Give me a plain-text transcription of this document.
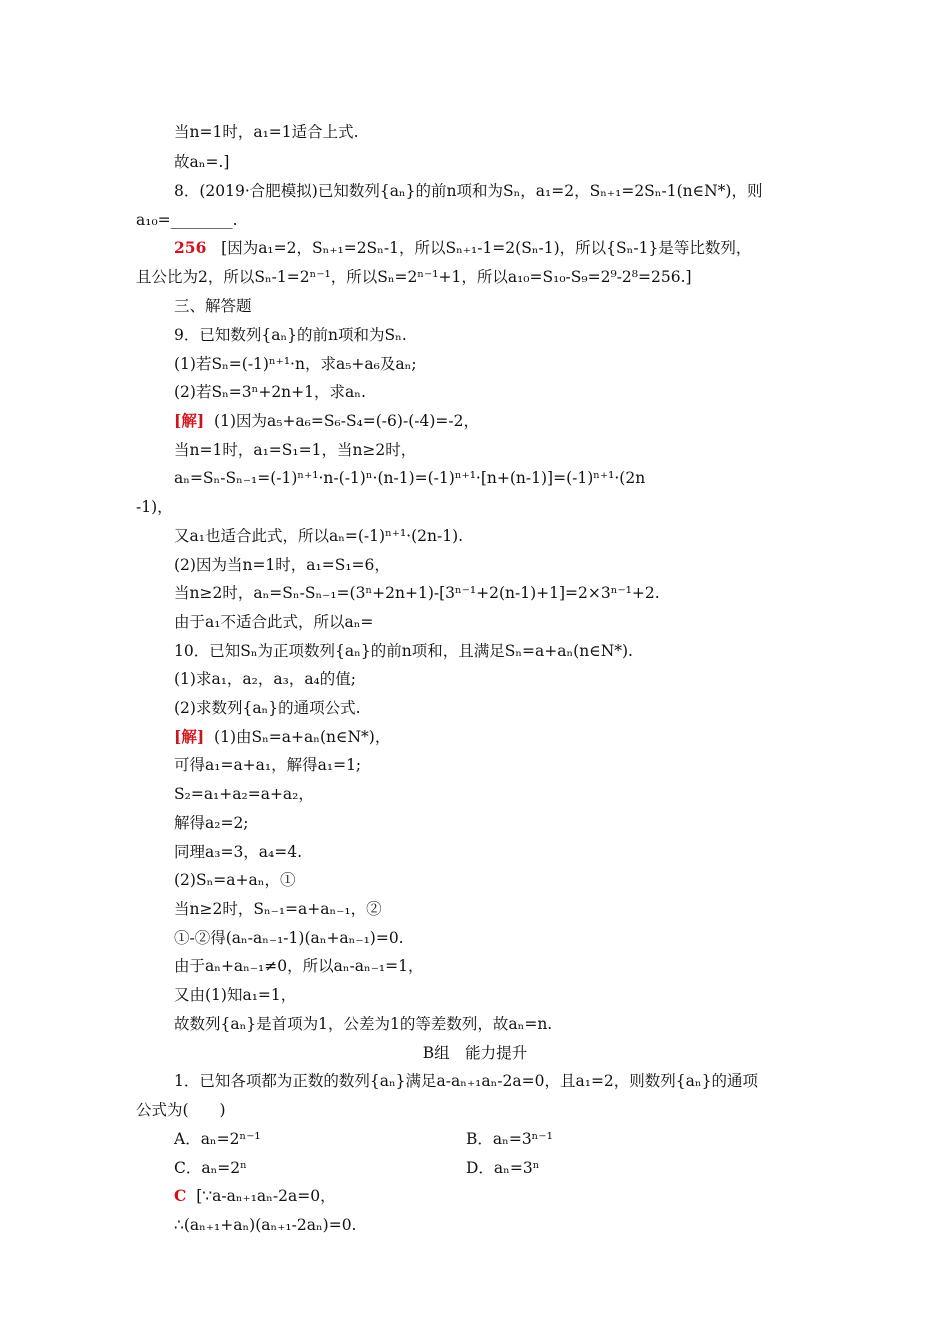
当n=1时，a₁=1适合上式.
故aₙ=.]
8．(2019·合肥模拟)已知数列{aₙ}的前n项和为Sₙ，a₁=2，Sₙ₊₁=2Sₙ-1(n∈N*)，则
a₁₀=________.
256 [因为a₁=2，Sₙ₊₁=2Sₙ-1，所以Sₙ₊₁-1=2(Sₙ-1)，所以{Sₙ-1}是等比数列，
且公比为2，所以Sₙ-1=2ⁿ⁻¹，所以Sₙ=2ⁿ⁻¹+1，所以a₁₀=S₁₀-S₉=2⁹-2⁸=256.]
三、解答题
9．已知数列{aₙ}的前n项和为Sₙ.
(1)若Sₙ=(-1)ⁿ⁺¹·n，求a₅+a₆及aₙ;
(2)若Sₙ=3ⁿ+2n+1，求aₙ.
[解] (1)因为a₅+a₆=S₆-S₄=(-6)-(-4)=-2，
当n=1时，a₁=S₁=1，当n≥2时，
aₙ=Sₙ-Sₙ₋₁=(-1)ⁿ⁺¹·n-(-1)ⁿ·(n-1)=(-1)ⁿ⁺¹·[n+(n-1)]=(-1)ⁿ⁺¹·(2n
-1)，
又a₁也适合此式，所以aₙ=(-1)ⁿ⁺¹·(2n-1).
(2)因为当n=1时，a₁=S₁=6，
当n≥2时，aₙ=Sₙ-Sₙ₋₁=(3ⁿ+2n+1)-[3ⁿ⁻¹+2(n-1)+1]=2×3ⁿ⁻¹+2.
由于a₁不适合此式，所以aₙ=
10．已知Sₙ为正项数列{aₙ}的前n项和，且满足Sₙ=a+aₙ(n∈N*).
(1)求a₁，a₂，a₃，a₄的值;
(2)求数列{aₙ}的通项公式.
[解] (1)由Sₙ=a+aₙ(n∈N*)，
可得a₁=a+a₁，解得a₁=1;
S₂=a₁+a₂=a+a₂，
解得a₂=2;
同理a₃=3，a₄=4.
(2)Sₙ=a+aₙ，①
当n≥2时，Sₙ₋₁=a+aₙ₋₁，②
①-②得(aₙ-aₙ₋₁-1)(aₙ+aₙ₋₁)=0.
由于aₙ+aₙ₋₁≠0，所以aₙ-aₙ₋₁=1，
又由(1)知a₁=1，
故数列{aₙ}是首项为1，公差为1的等差数列，故aₙ=n.
B组　能力提升
1．已知各项都为正数的数列{aₙ}满足a-aₙ₊₁aₙ-2a=0，且a₁=2，则数列{aₙ}的通项
公式为(　　)
A．aₙ=2ⁿ⁻¹	B．aₙ=3ⁿ⁻¹
C．aₙ=2ⁿ	D．aₙ=3ⁿ
C [∵a-aₙ₊₁aₙ-2a=0，
∴(aₙ₊₁+aₙ)(aₙ₊₁-2aₙ)=0.
